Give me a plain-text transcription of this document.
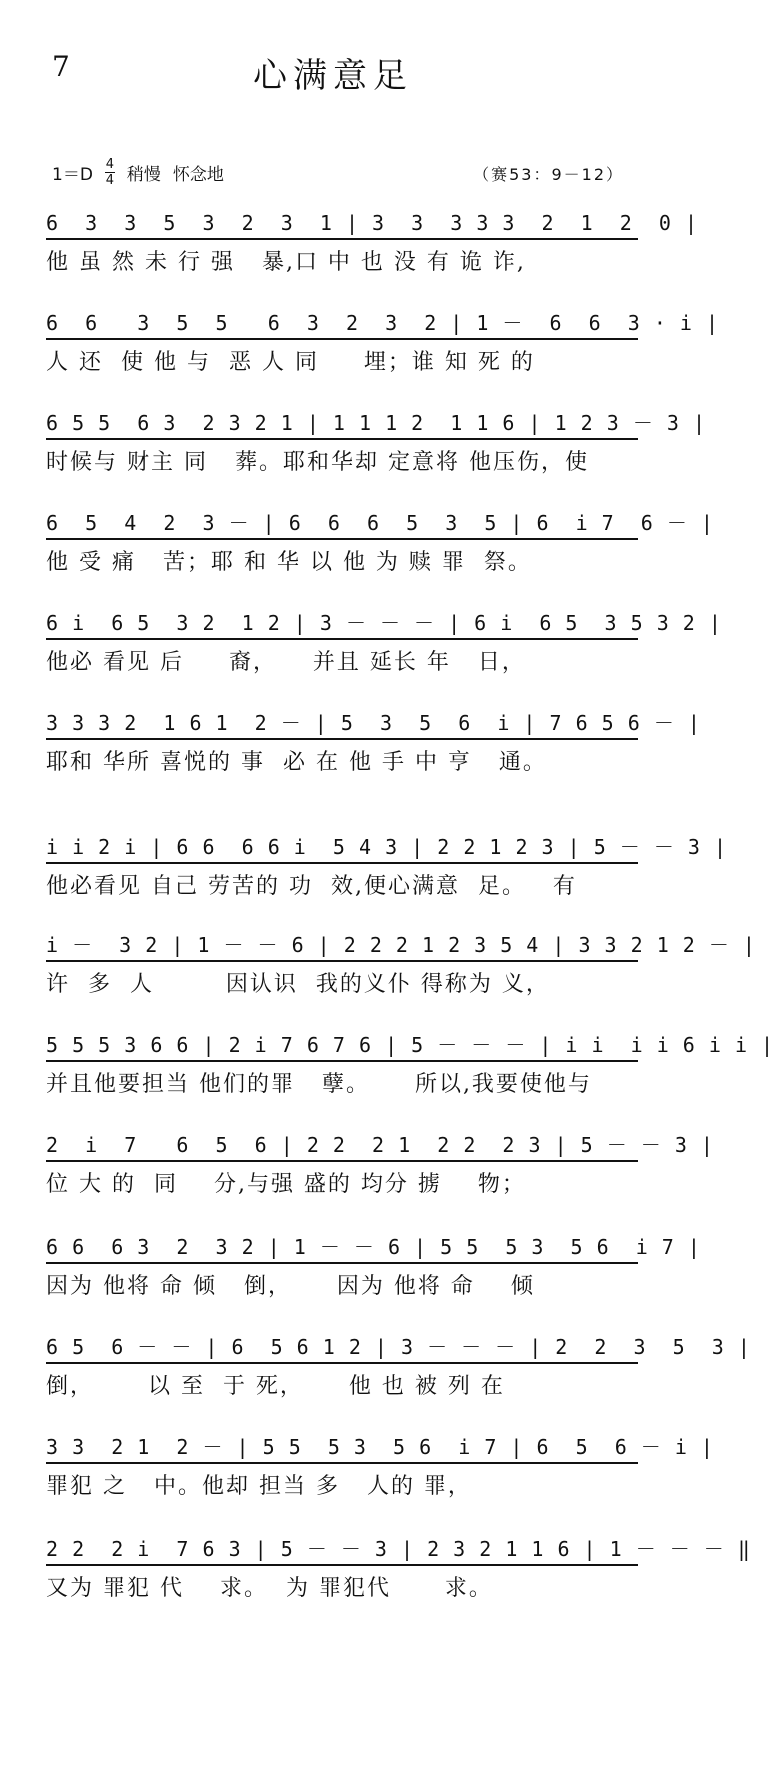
7	心满意足
1＝D
4
4 稍慢 怀念地	（赛53：9－12）
6  3  3  5  3  2  3  1 | 3  3  3 3 3  2  1  2  0 |
他 虽 然 未 行 强   暴,口 中 也 没 有 诡 诈,
6  6   3  5  5   6  3  2  3  2 | 1 －  6  6  3 · i |
人 还  使 他 与  恶 人 同     埋；谁 知 死 的
6 5 5  6 3  2 3 2 1 | 1 1 1 2  1 1 6 | 1 2 3 － 3 |
时候与 财主 同   葬。耶和华却 定意将 他压伤，使
6  5  4  2  3 － | 6  6  6  5  3  5 | 6  i 7  6 － |
他 受 痛   苦；耶 和 华 以 他 为 赎 罪  祭。
6 i  6 5  3 2  1 2 | 3 － － － | 6 i  6 5  3 5 3 2 |
他必 看见 后     裔，    并且 延长 年   日，
3 3 3 2  1 6 1  2 － | 5  3  5  6  i | 7 6 5 6 － |
耶和 华所 喜悦的 事  必 在 他 手 中 亨   通。
i i 2 i | 6 6  6 6 i  5 4 3 | 2 2 1 2 3 | 5 － － 3 |
他必看见 自己 劳苦的 功  效,便心满意  足。   有
i －  3 2 | 1 － － 6 | 2 2 2 1 2 3 5 4 | 3 3 2 1 2 － |
许  多  人        因认识  我的义仆 得称为 义，
5 5 5 3 6 6 | 2 i 7 6 7 6 | 5 － － － | i i  i i 6 i i |
并且他要担当 他们的罪   孽。     所以,我要使他与
2  i  7   6  5  6 | 2 2  2 1  2 2  2 3 | 5 － － 3 |
位 大 的  同    分,与强 盛的 均分 掳    物；
6 6  6 3  2  3 2 | 1 － － 6 | 5 5  5 3  5 6  i 7 |
因为 他将 命 倾   倒，     因为 他将 命    倾
6 5  6 － － | 6  5 6 1 2 | 3 － － － | 2  2  3  5  3 |
倒，      以 至  于 死，     他 也 被 列 在
3 3  2 1  2 － | 5 5  5 3  5 6  i 7 | 6  5  6 － i |
罪犯 之   中。他却 担当 多   人的 罪，
2 2  2 i  7 6 3 | 5 － － 3 | 2 3 2 1 1 6 | 1 － － － ‖
又为 罪犯 代    求。  为 罪犯代      求。
